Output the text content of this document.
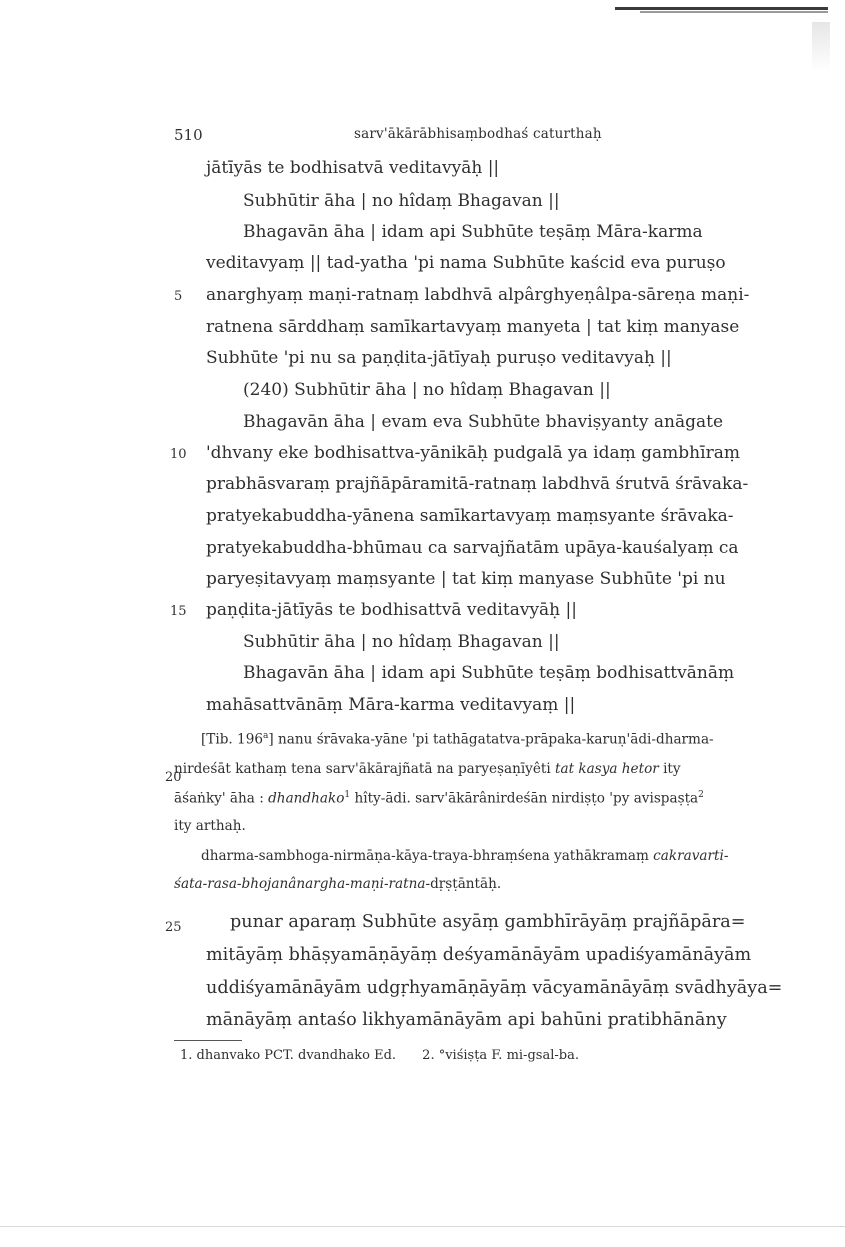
510	sarv'ākārābhisaṃbodhaś caturthaḥ
jātīyās te bodhisatvā veditavyāḥ ||
Subhūtir āha | no hîdaṃ Bhagavan ||
Bhagavān āha | idam api Subhūte teṣāṃ Māra-karma
veditavyaṃ || tad-yatha 'pi nama Subhūte kaścid eva puruṣo
anarghyaṃ maṇi-ratnaṃ labdhvā alpârghyeṇâlpa-sāreṇa maṇi-
ratnena sārddhaṃ samīkartavyaṃ manyeta | tat kiṃ manyase
Subhūte 'pi nu sa paṇḍita-jātīyaḥ puruṣo veditavyaḥ ||
(240) Subhūtir āha | no hîdaṃ Bhagavan ||
Bhagavān āha | evam eva Subhūte bhaviṣyanty anāgate
'dhvany eke bodhisattva-yānikāḥ pudgalā ya idaṃ gambhīraṃ
prabhāsvaraṃ prajñāpāramitā-ratnaṃ labdhvā śrutvā śrāvaka-
pratyekabuddha-yānena samīkartavyaṃ maṃsyante śrāvaka-
pratyekabuddha-bhūmau ca sarvajñatām upāya-kauśalyaṃ ca
paryeṣitavyaṃ maṃsyante | tat kiṃ manyase Subhūte 'pi nu
paṇḍita-jātīyās te bodhisattvā veditavyāḥ ||
Subhūtir āha | no hîdaṃ Bhagavan ||
Bhagavān āha | idam api Subhūte teṣāṃ bodhisattvānāṃ
mahāsattvānāṃ Māra-karma veditavyaṃ ||
5
10
15
20
25
[Tib. 196$^a$] nanu śrāvaka-yāne 'pi tathāgatatva-prāpaka-karuṇ'ādi-dharma-
nirdeśāt kathaṃ tena sarv'ākārajñatā na paryeṣaṇīyêti tat kasya hetor ity
āśaṅky' āha : dhandhako$^1$ hîty-ādi. sarv'ākārânirdeśān nirdiṣṭo 'py avispaṣṭa$^2$
ity arthaḥ.
dharma-sambhoga-nirmāṇa-kāya-traya-bhraṃśena yathākramaṃ cakravarti-
śata-rasa-bhojanânargha-maṇi-ratna-dṛṣṭāntāḥ.
punar aparaṃ Subhūte asyāṃ gambhīrāyāṃ prajñāpāra=
mitāyāṃ bhāṣyamāṇāyāṃ deśyamānāyām upadiśyamānāyām
uddiśyamānāyām udgṛhyamāṇāyāṃ vācyamānāyāṃ svādhyāya=
mānāyāṃ antaśo likhyamānāyām api bahūni pratibhānāny
1. dhanvako PCT. dvandhako Ed. 2. °viśiṣṭa F. mi-gsal-ba.
